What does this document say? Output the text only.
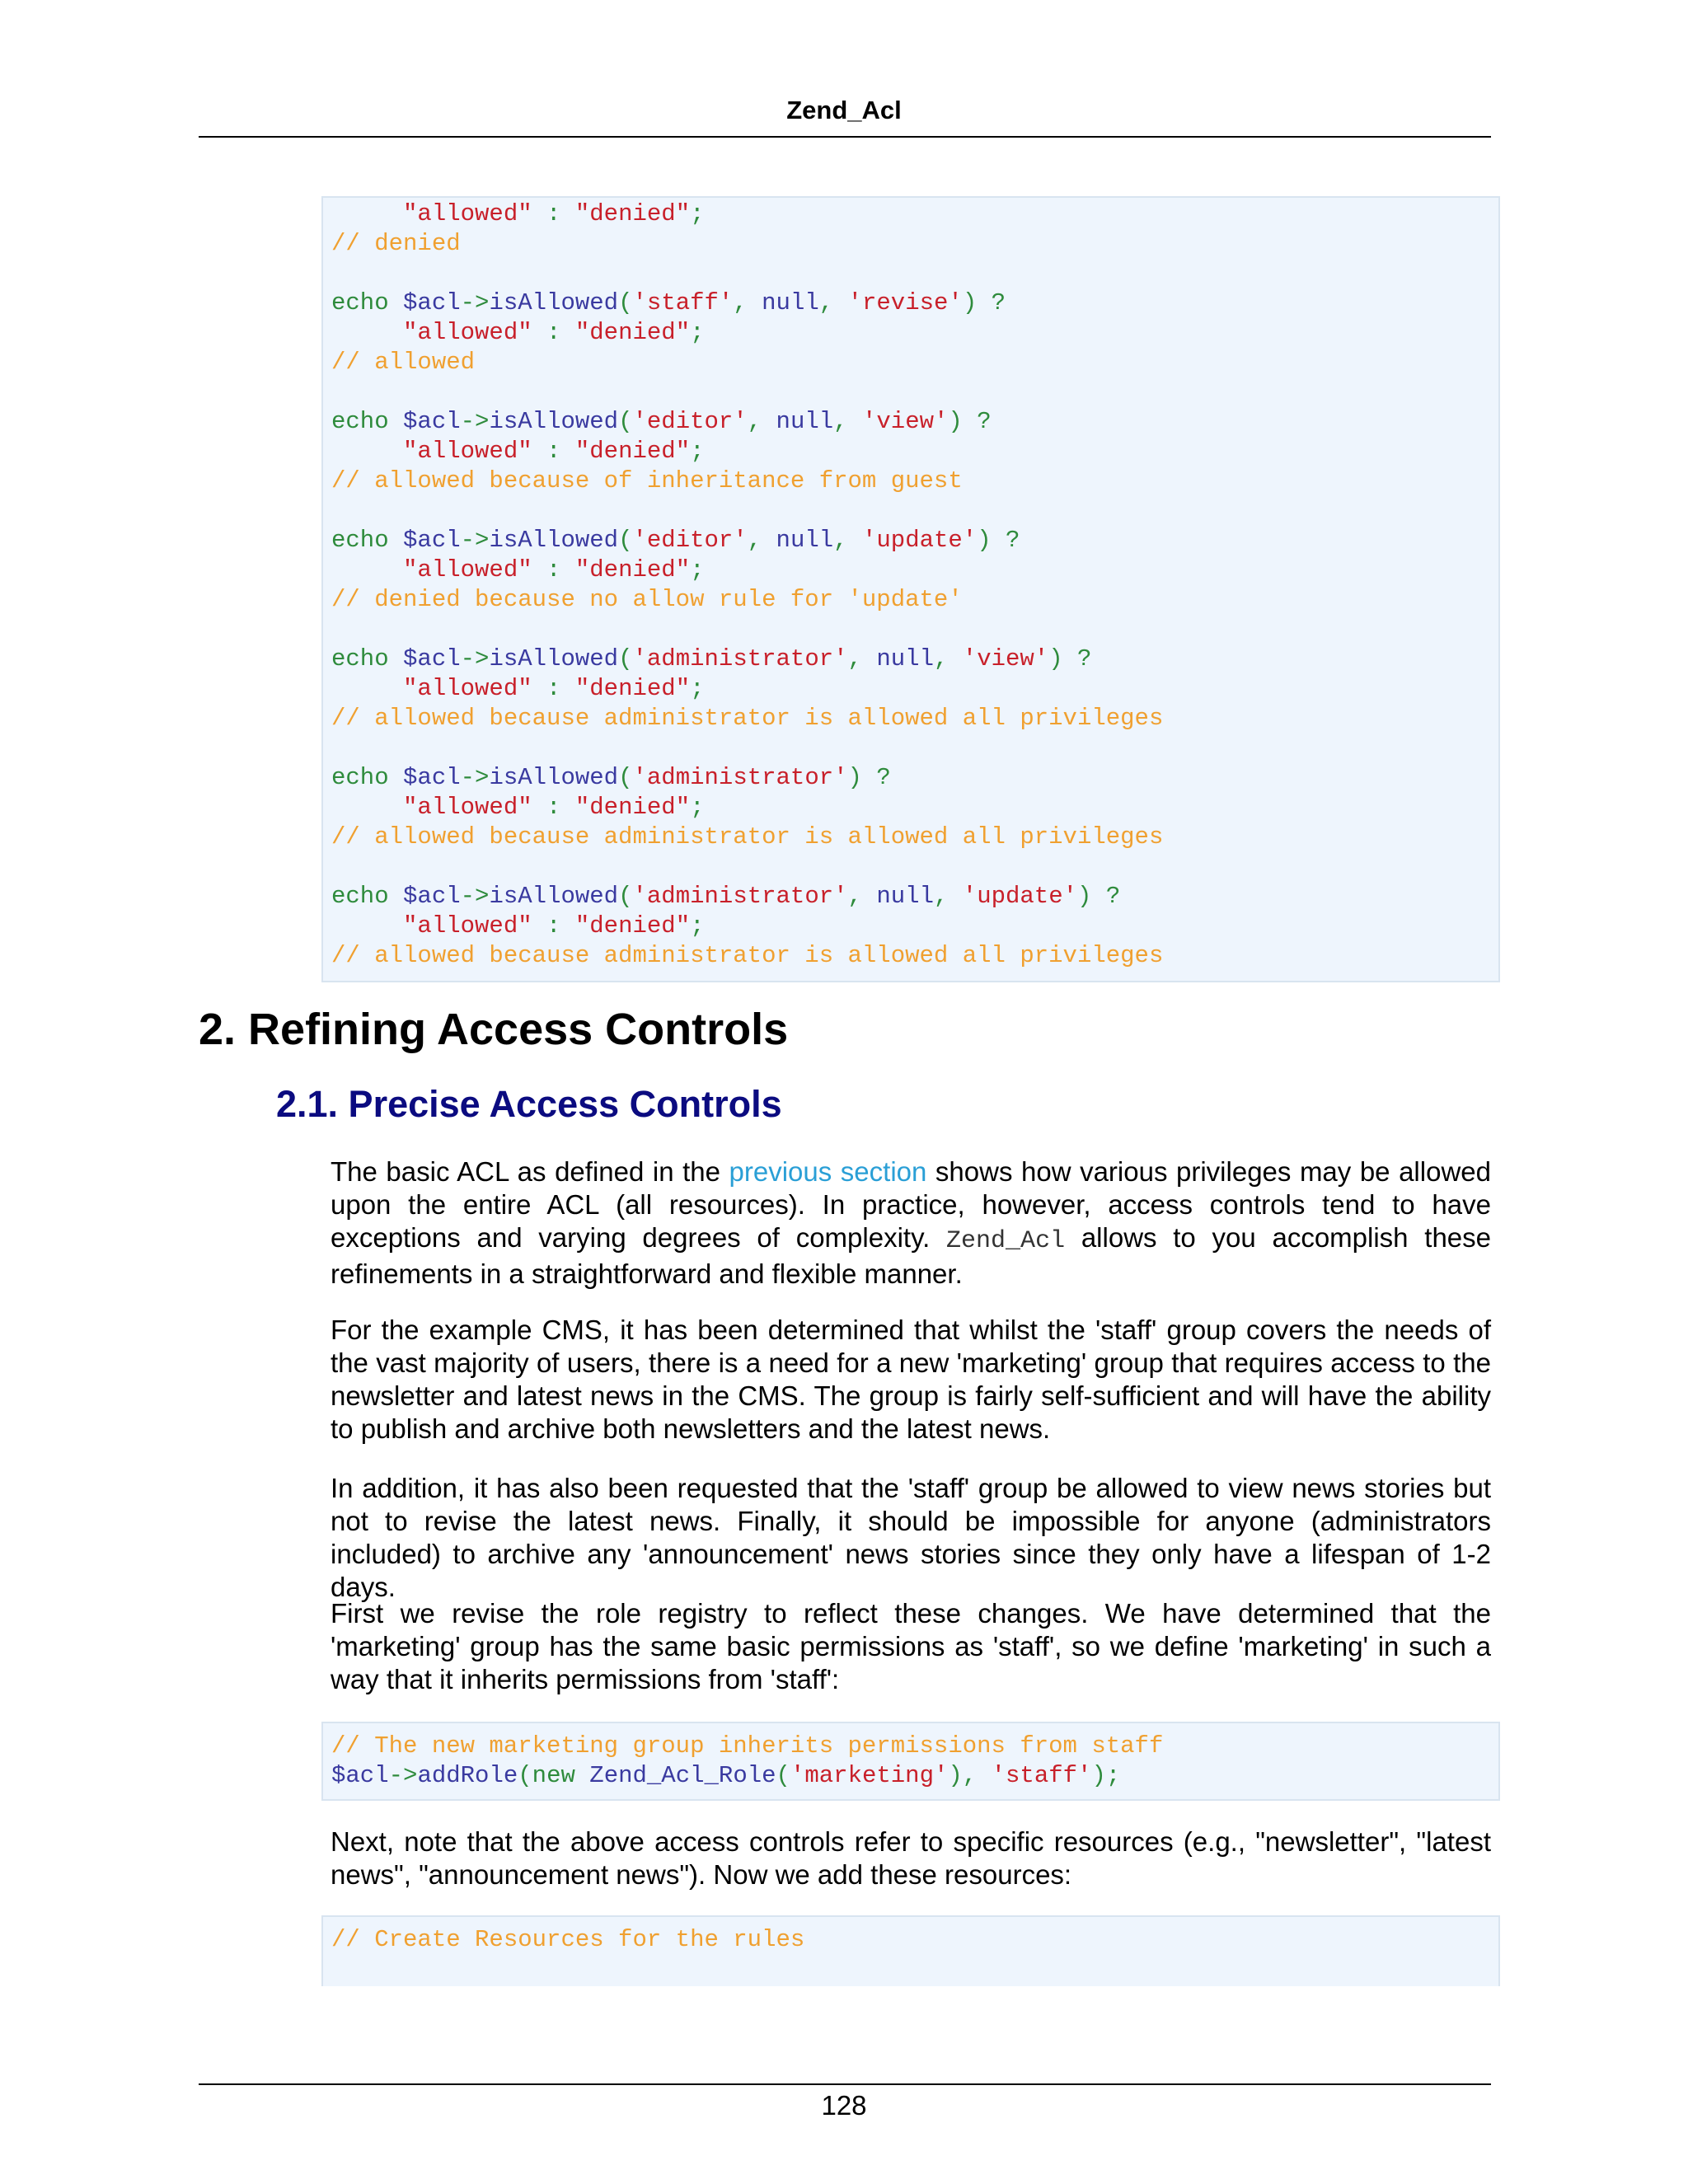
Zend_Acl
"allowed" : "denied";
// denied

echo $acl->isAllowed('staff', null, 'revise') ?
"allowed" : "denied";
// allowed

echo $acl->isAllowed('editor', null, 'view') ?
"allowed" : "denied";
// allowed because of inheritance from guest

echo $acl->isAllowed('editor', null, 'update') ?
"allowed" : "denied";
// denied because no allow rule for 'update'

echo $acl->isAllowed('administrator', null, 'view') ?
"allowed" : "denied";
// allowed because administrator is allowed all privileges

echo $acl->isAllowed('administrator') ?
"allowed" : "denied";
// allowed because administrator is allowed all privileges

echo $acl->isAllowed('administrator', null, 'update') ?
"allowed" : "denied";
// allowed because administrator is allowed all privileges
2. Refining Access Controls
2.1. Precise Access Controls
The basic ACL as defined in the previous section shows how various privileges may be allowed upon the entire ACL (all resources). In practice, however, access controls tend to have exceptions and varying degrees of complexity. Zend_Acl allows to you accomplish these refinements in a straightforward and flexible manner.
For the example CMS, it has been determined that whilst the 'staff' group covers the needs of the vast majority of users, there is a need for a new 'marketing' group that requires access to the newsletter and latest news in the CMS. The group is fairly self-sufficient and will have the ability to publish and archive both newsletters and the latest news.
In addition, it has also been requested that the 'staff' group be allowed to view news stories but not to revise the latest news. Finally, it should be impossible for anyone (administrators included) to archive any 'announcement' news stories since they only have a lifespan of 1-2 days.
First we revise the role registry to reflect these changes. We have determined that the 'marketing' group has the same basic permissions as 'staff', so we define 'marketing' in such a way that it inherits permissions from 'staff':
// The new marketing group inherits permissions from staff
$acl->addRole(new Zend_Acl_Role('marketing'), 'staff');
Next, note that the above access controls refer to specific resources (e.g., "newsletter", "latest news", "announcement news"). Now we add these resources:
// Create Resources for the rules

128
